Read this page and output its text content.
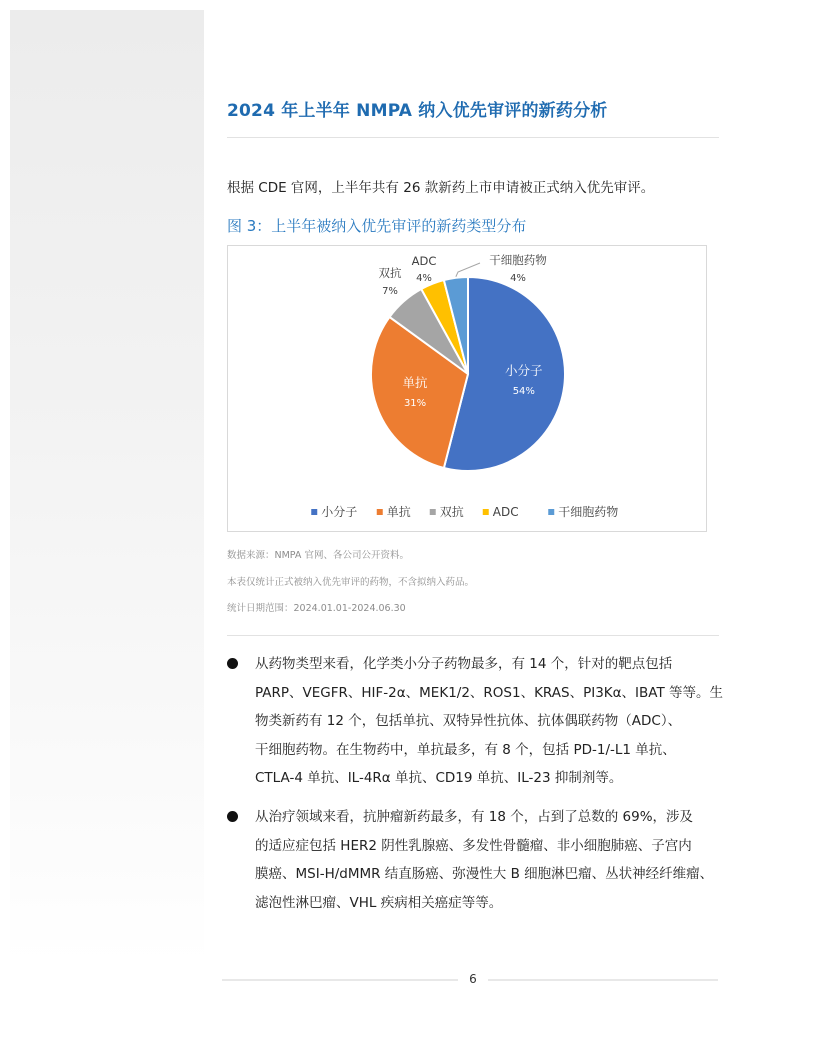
2024 年上半年 NMPA 纳入优先审评的新药分析
根据 CDE 官网，上半年共有 26 款新药上市申请被正式纳入优先审评。
图 3：上半年被纳入优先审评的新药类型分布
小分子
54%
单抗
31%
双抗
7%
ADC
4%
干细胞药物
4%
小分子 单抗 双抗 ADC	干细胞药物
数据来源：NMPA 官网、各公司公开资料。
本表仅统计正式被纳入优先审评的药物，不含拟纳入药品。
统计日期范围：2024.01.01-2024.06.30
从药物类型来看，化学类小分子药物最多，有 14 个，针对的靶点包括
PARP、VEGFR、HIF-2α、MEK1/2、ROS1、KRAS、PI3Kα、IBAT 等等。生
物类新药有 12 个，包括单抗、双特异性抗体、抗体偶联药物（ADC）、
干细胞药物。在生物药中，单抗最多，有 8 个，包括 PD-1/-L1 单抗、
CTLA-4 单抗、IL-4Rα 单抗、CD19 单抗、IL-23 抑制剂等。
从治疗领域来看，抗肿瘤新药最多，有 18 个，占到了总数的 69%，涉及
的适应症包括 HER2 阴性乳腺癌、多发性骨髓瘤、非小细胞肺癌、子宫内
膜癌、MSI-H/dMMR 结直肠癌、弥漫性大 B 细胞淋巴瘤、丛状神经纤维瘤、
滤泡性淋巴瘤、VHL 疾病相关癌症等等。
6
